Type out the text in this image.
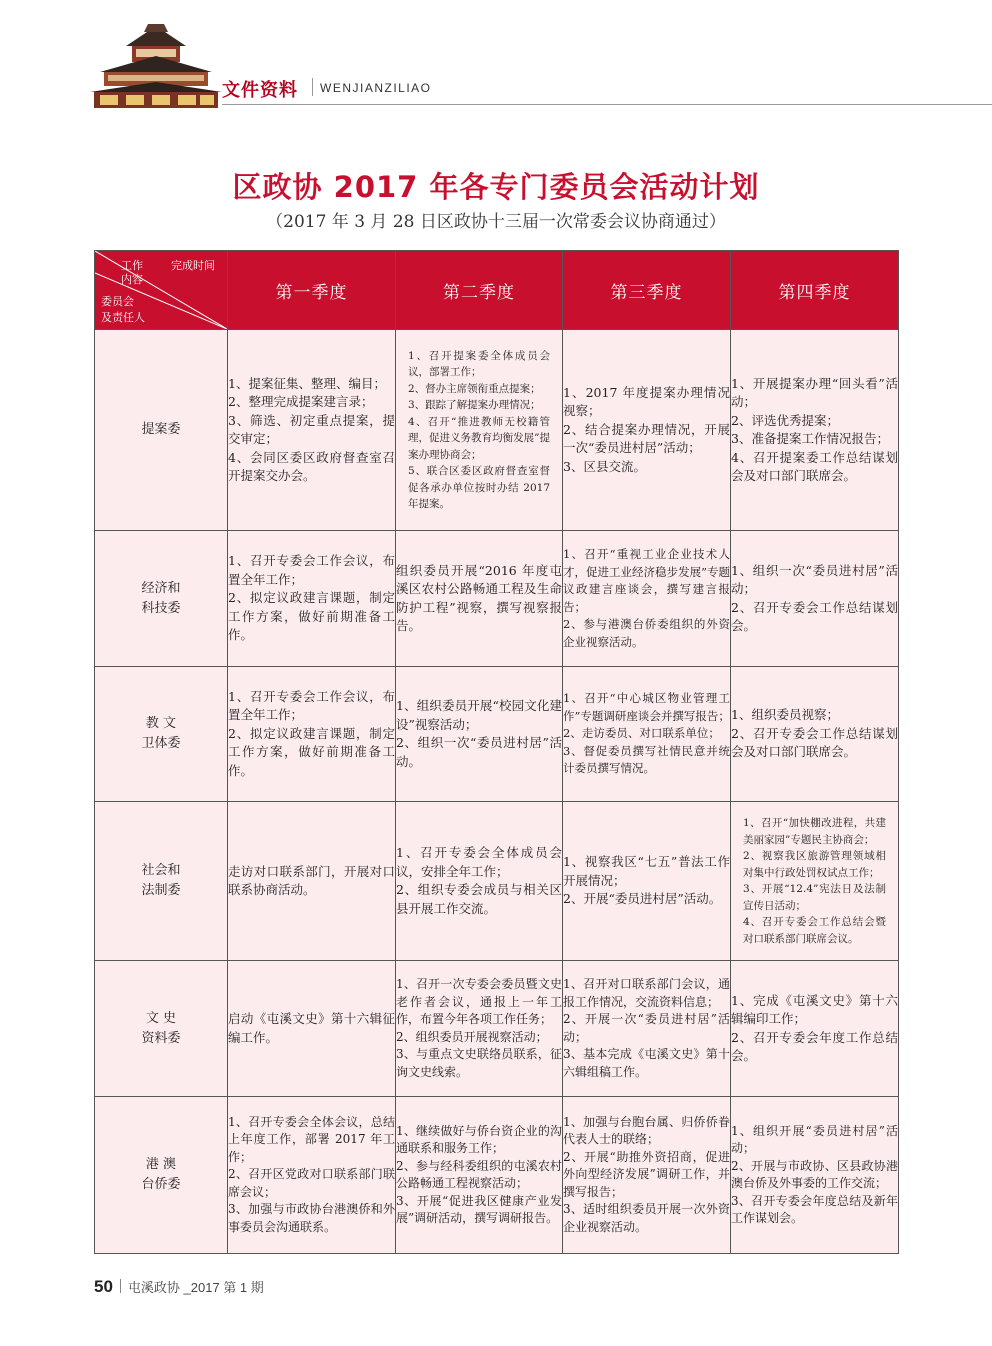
文件资料 WENJIANZILIAO
区政协 2017 年各专门委员会活动计划
（2017 年 3 月 28 日区政协十三届一次常委会议协商通过）
工作 完成时间
内容
委员会
及责任人	第一季度	第二季度	第三季度	第四季度
提案委	1、提案征集、整理、编目；
2、整理完成提案建言录；
3、筛选、初定重点提案，提交审定；
4、会同区委区政府督查室召开提案交办会。	1、召开提案委全体成员会议，部署工作；
2、督办主席领衔重点提案；
3、跟踪了解提案办理情况；
4、召开“推进教师无校籍管理，促进义务教育均衡发展”提案办理协商会；
5、联合区委区政府督查室督促各承办单位按时办结 2017 年提案。	1、2017 年度提案办理情况视察；
2、结合提案办理情况，开展一次“委员进村居”活动；
3、区县交流。	1、开展提案办理“回头看”活动；
2、评选优秀提案；
3、准备提案工作情况报告；
4、召开提案委工作总结谋划会及对口部门联席会。

经济和
科技委	1、召开专委会工作会议，布置全年工作；
2、拟定议政建言课题，制定工作方案，做好前期准备工作。	组织委员开展“2016 年度屯溪区农村公路畅通工程及生命防护工程”视察，撰写视察报告。	1、召开“重视工业企业技术人才，促进工业经济稳步发展”专题议政建言座谈会，撰写建言报告；
2、参与港澳台侨委组织的外资企业视察活动。	1、组织一次“委员进村居”活动；
2、召开专委会工作总结谋划会。

教 文
卫体委	1、召开专委会工作会议，布置全年工作；
2、拟定议政建言课题，制定工作方案，做好前期准备工作。	1、组织委员开展“校园文化建设”视察活动；
2、组织一次“委员进村居”活动。	1、召开“中心城区物业管理工作”专题调研座谈会并撰写报告；
2、走访委员、对口联系单位；
3、督促委员撰写社情民意并统计委员撰写情况。	1、组织委员视察；
2、召开专委会工作总结谋划会及对口部门联席会。

社会和
法制委	走访对口联系部门，开展对口联系协商活动。	1、召开专委会全体成员会议，安排全年工作；
2、组织专委会成员与相关区县开展工作交流。	1、视察我区“七五”普法工作开展情况；
2、开展“委员进村居”活动。	1、召开“加快棚改进程，共建美丽家园”专题民主协商会；
2、视察我区旅游管理领域相对集中行政处罚权试点工作；
3、开展“12.4”宪法日及法制宣传日活动；
4、召开专委会工作总结会暨对口联系部门联席会议。

文 史
资料委	启动《屯溪文史》第十六辑征编工作。	1、召开一次专委会委员暨文史老作者会议，通报上一年工作，布置今年各项工作任务；
2、组织委员开展视察活动；
3、与重点文史联络员联系，征询文史线索。	1、召开对口联系部门会议，通报工作情况，交流资料信息；
2、开展一次“委员进村居”活动；
3、基本完成《屯溪文史》第十六辑组稿工作。	1、完成《屯溪文史》第十六辑编印工作；
2、召开专委会年度工作总结会。

港 澳
台侨委	1、召开专委会全体会议，总结上年度工作，部署 2017 年工作；
2、召开区党政对口联系部门联席会议；
3、加强与市政协台港澳侨和外事委员会沟通联系。	1、继续做好与侨台资企业的沟通联系和服务工作；
2、参与经科委组织的屯溪农村公路畅通工程视察活动；
3、开展“促进我区健康产业发展”调研活动，撰写调研报告。	1、加强与台胞台属、归侨侨眷代表人士的联络；
2、开展“助推外资招商，促进外向型经济发展”调研工作，并撰写报告；
3、适时组织委员开展一次外资企业视察活动。	1、组织开展“委员进村居”活动；
2、开展与市政协、区县政协港澳台侨及外事委的工作交流；
3、召开专委会年度总结及新年工作谋划会。
50 屯溪政协 _2017 第 1 期
